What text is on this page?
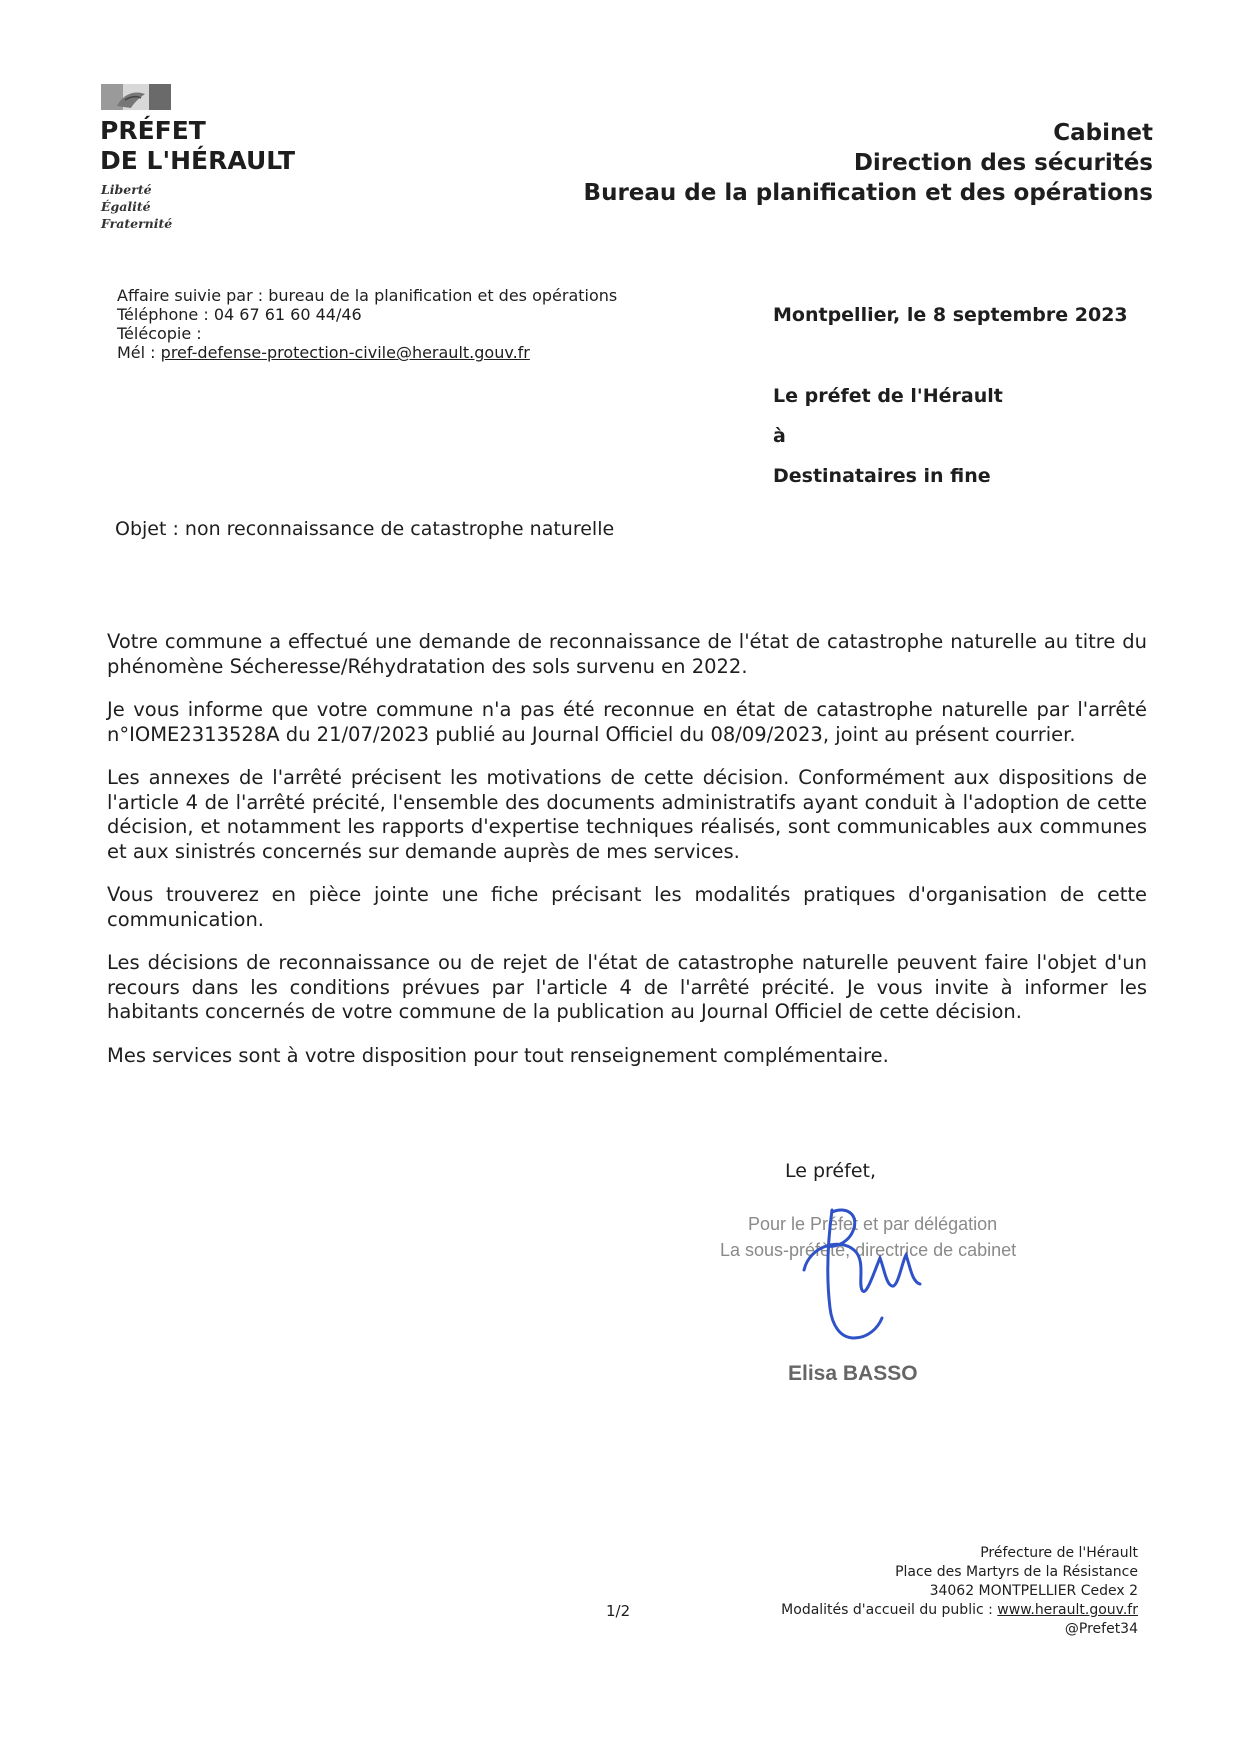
PRÉFET
DE L'HÉRAULT
Liberté
Égalité
Fraternité
Cabinet
Direction des sécurités
Bureau de la planification et des opérations
Affaire suivie par : bureau de la planification et des opérations
Téléphone : 04 67 61 60 44/46
Télécopie :
Mél : pref-defense-protection-civile@herault.gouv.fr
Montpellier, le 8 septembre 2023
Le préfet de l'Hérault
à
Destinataires in fine
Objet : non reconnaissance de catastrophe naturelle

Votre commune a effectué une demande de reconnaissance de l'état de catastrophe naturelle au titre du phénomène Sécheresse/Réhydratation des sols survenu en 2022.

Je vous informe que votre commune n'a pas été reconnue en état de catastrophe naturelle par l'arrêté n°IOME2313528A du 21/07/2023 publié au Journal Officiel du 08/09/2023, joint au présent courrier.

Les annexes de l'arrêté précisent les motivations de cette décision. Conformément aux dispositions de l'article 4 de l'arrêté précité, l'ensemble des documents administratifs ayant conduit à l'adoption de cette décision, et notamment les rapports d'expertise techniques réalisés, sont communicables aux communes et aux sinistrés concernés sur demande auprès de mes services.

Vous trouverez en pièce jointe une fiche précisant les modalités pratiques d'organisation de cette communication.

Les décisions de reconnaissance ou de rejet de l'état de catastrophe naturelle peuvent faire l'objet d'un recours dans les conditions prévues par l'article 4 de l'arrêté précité. Je vous invite à informer les habitants concernés de votre commune de la publication au Journal Officiel de cette décision.

Mes services sont à votre disposition pour tout renseignement complémentaire.

Le préfet,
Pour le Préfet et par délégation
La sous-préfète, directrice de cabinet
Elisa BASSO
1/2
Préfecture de l'Hérault
Place des Martyrs de la Résistance
34062 MONTPELLIER Cedex 2
Modalités d'accueil du public : www.herault.gouv.fr
@Prefet34
